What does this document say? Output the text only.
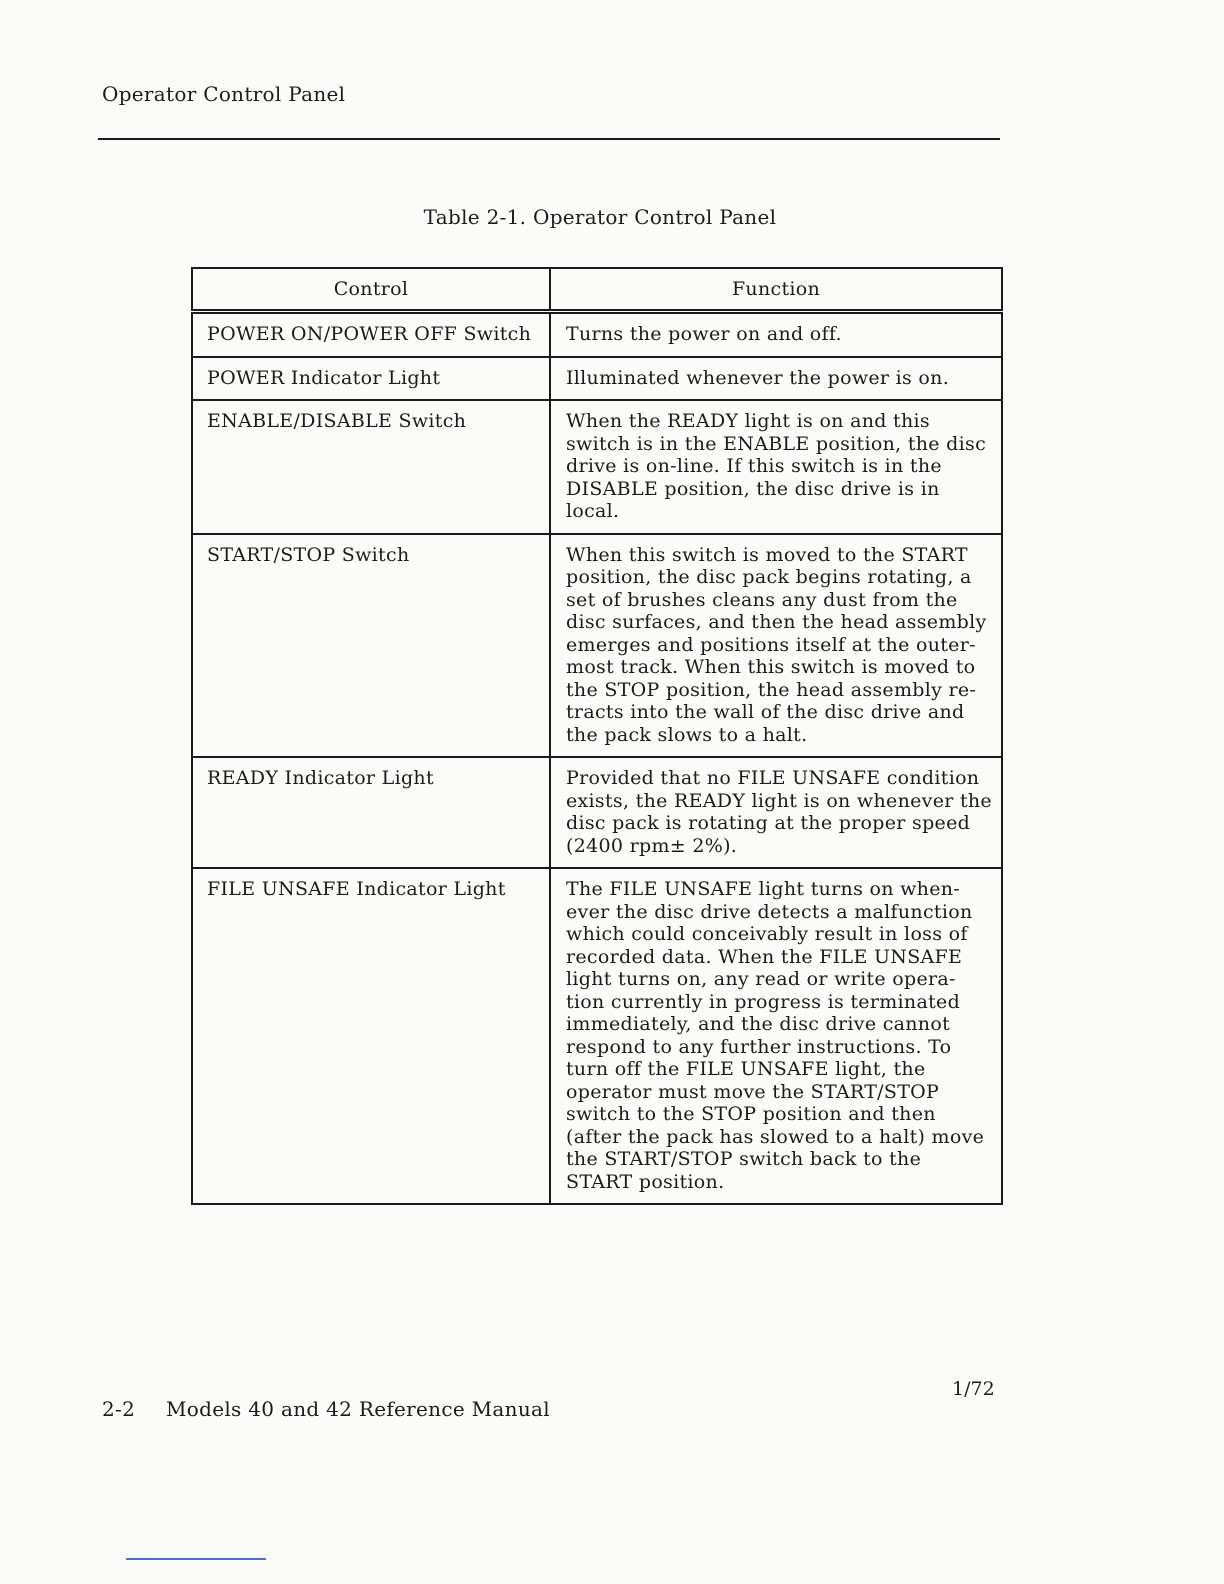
Operator Control Panel
Table 2-1. Operator Control Panel
Control	Function
POWER ON/POWER OFF Switch	Turns the power on and off.
POWER Indicator Light	Illuminated whenever the power is on.
ENABLE/DISABLE Switch	When the READY light is on and this switch is in the ENABLE position, the disc drive is on-line. If this switch is in the DISABLE position, the disc drive is in local.
START/STOP Switch	When this switch is moved to the START position, the disc pack begins rotating, a set of brushes cleans any dust from the disc surfaces, and then the head assembly emerges and positions itself at the outer-most track. When this switch is moved to the STOP position, the head assembly re-tracts into the wall of the disc drive and the pack slows to a halt.
READY Indicator Light	Provided that no FILE UNSAFE condition exists, the READY light is on whenever the disc pack is rotating at the proper speed (2400 rpm± 2%).
FILE UNSAFE Indicator Light	The FILE UNSAFE light turns on when-ever the disc drive detects a malfunction which could conceivably result in loss of recorded data. When the FILE UNSAFE light turns on, any read or write opera-tion currently in progress is terminated immediately, and the disc drive cannot respond to any further instructions. To turn off the FILE UNSAFE light, the operator must move the START/STOP switch to the STOP position and then (after the pack has slowed to a halt) move the START/STOP switch back to the START position.
1/72
2-2 Models 40 and 42 Reference Manual
